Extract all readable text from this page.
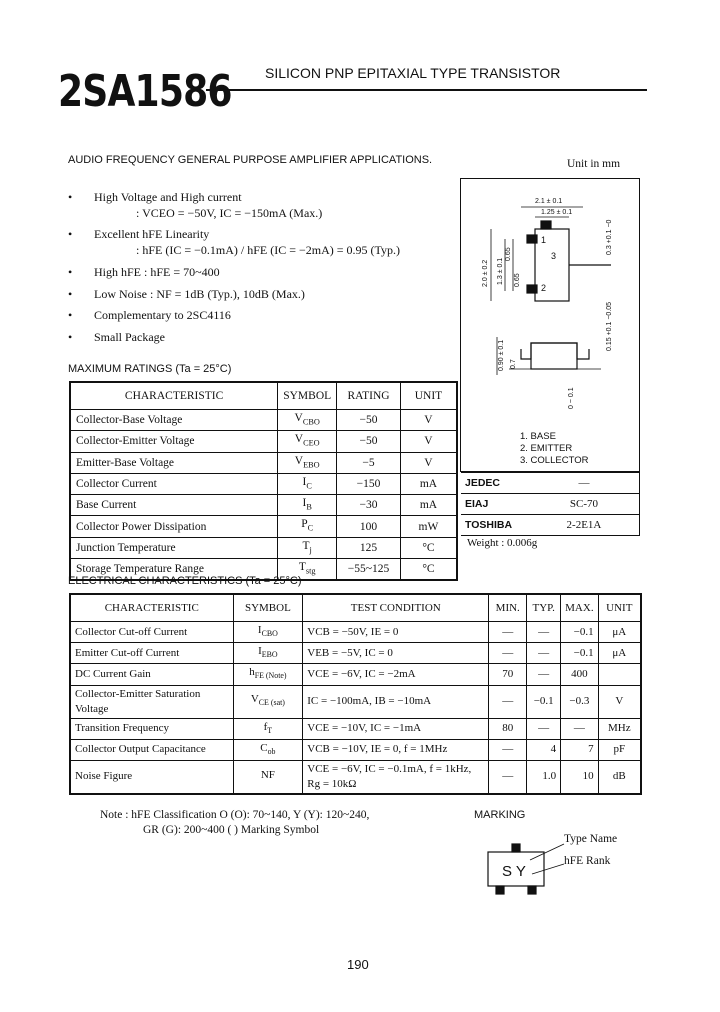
2SA1586 SILICON PNP EPITAXIAL TYPE TRANSISTOR
AUDIO FREQUENCY GENERAL PURPOSE AMPLIFIER APPLICATIONS.	Unit in mm
• High Voltage and High current
: VCEO = −50V, IC = −150mA (Max.)
• Excellent hFE Linearity
: hFE (IC = −0.1mA) / hFE (IC = −2mA) = 0.95 (Typ.)
• High hFE : hFE = 70~400
• Low Noise : NF = 1dB (Typ.), 10dB (Max.)
• Complementary to 2SC4116
• Small Package
MAXIMUM RATINGS (Ta = 25°C)
CHARACTERISTIC	SYMBOL	RATING	UNIT
Collector-Base Voltage	$V_{CBO}$	−50	V
Collector-Emitter Voltage	$V_{CEO}$	−50	V
Emitter-Base Voltage	$V_{EBO}$	−5	V
Collector Current	$I_C$	−150	mA
Base Current	$I_B$	−30	mA
Collector Power Dissipation	$P_C$	100	mW
Junction Temperature	$T_j$	125	°C
Storage Temperature Range	$T_{stg}$	−55~125	°C
2.1 ± 0.1
1.25 ± 0.1
3
1
2
2.0 ± 0.2 1.3 ± 0.1
0.65
0.65
0.3 +0.1 −0
0.90 ± 0.1 0.7
0.15 +0.1 −0.05
0 ~ 0.1
1. BASE
2. EMITTER
3. COLLECTOR
JEDEC	—
EIAJ	SC-70
TOSHIBA	2-2E1A
Weight : 0.006g
ELECTRICAL CHARACTERISTICS (Ta = 25°C)
CHARACTERISTIC	SYMBOL	TEST CONDITION	MIN.	TYP.	MAX.	UNIT
Collector Cut-off Current	$I_{CBO}$	VCB = −50V, IE = 0	—	—	−0.1	μA
Emitter Cut-off Current	$I_{EBO}$	VEB = −5V, IC = 0	—	—	−0.1	μA
DC Current Gain	$h_{FE (Note)}$	VCE = −6V, IC = −2mA	70	—	400	
Collector-Emitter Saturation Voltage	$V_{CE (sat)}$	IC = −100mA, IB = −10mA	—	−0.1	−0.3	V
Transition Frequency	$f_T$	VCE = −10V, IC = −1mA	80	—	—	MHz
Collector Output Capacitance	$C_{ob}$	VCB = −10V, IE = 0, f = 1MHz	—	4	7	pF
Noise Figure	NF	VCE = −6V, IC = −0.1mA, f = 1kHz, Rg = 10kΩ	—	1.0	10	dB
Note : hFE Classification O (O): 70~140, Y (Y): 120~240,
GR (G): 200~400 ( ) Marking Symbol
MARKING
S Y
Type Name
hFE Rank
190
